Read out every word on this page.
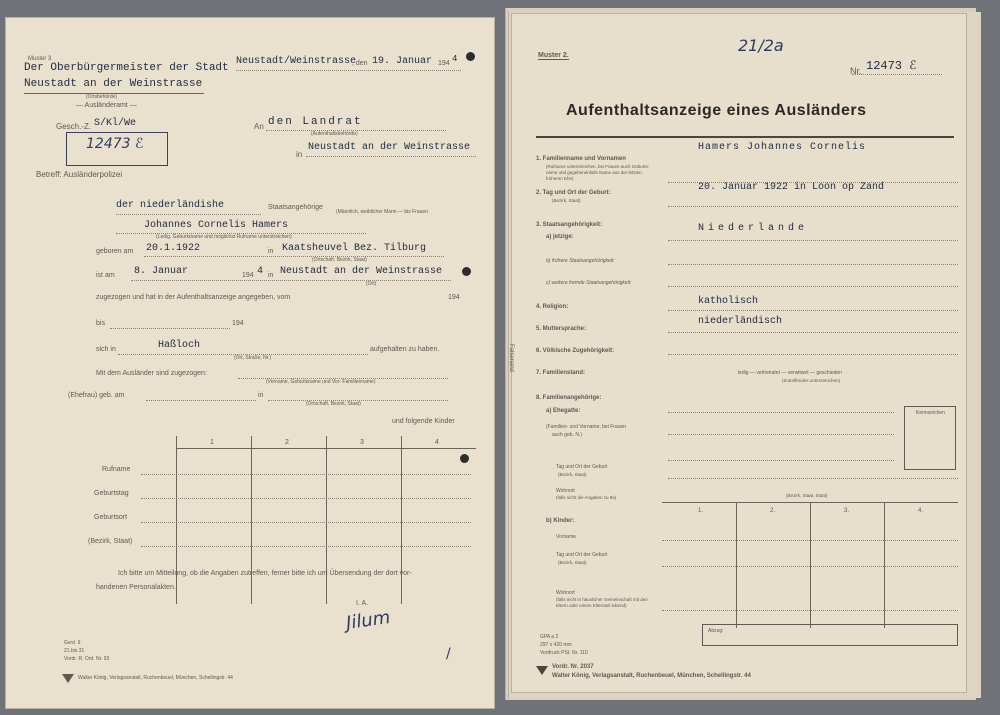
Muster 3
Der Oberbürgermeister der Stadt
Neustadt an der Weinstrasse
(Ortsbehörde)
— Ausländeramt —
Neustadt/Weinstrasse
, den 19. Januar 194 4
Gesch.-Z. S/Kl/We
12473 ℰ
Betreff: Ausländerpolizei
An den Landrat
(Aufenthaltsbehörde)
in
Neustadt an der Weinstrasse
der niederländishe	Staatsangehörige
(Männlich, weiblicher Mann — bis Frauen
Johannes Cornelis Hamers
(Ledig, Geburtsname und möglichst Rufname unterstreichen)
geboren am 20.1.1922	in Kaatsheuvel Bez. Tilburg
(Ortschaft, Bezirk, Staat)
ist am 8. Januar	194 4 in Neustadt an der Weinstrasse
(Ort)
zugezogen und hat in der Aufenthaltsanzeige angegeben, vom	194
bis	194
sich in	Haßloch
(Ort, Straße, Nr.)
aufgehalten zu haben.
Mit dem Ausländer sind zugezogen:
(Vorname, Geburtsname und Vor- Familienname)
(Ehefrau) geb. am	in
(Ortschaft, Bezirk, Staat)
und folgende Kinder
1	2	3	4
Rufname
Geburtstag
Geburtsort
(Bezirk, Staat)
Ich bitte um Mitteilung, ob die Angaben zutreffen, ferner bitte ich um Übersendung der dort vor-
handenen Personalakten.
I. A.
Jilum
/
Gvrd. 9
21.bis 31
Vordr. R. Ord. Nr. 93
Walter König, Verlagsanstalt, Ruchenbeuel, München, Schellingstr. 44
Muster 2.
21/2a
Nr. 12473 ℰ
Aufenthaltsanzeige eines Ausländers
Falsenand
1. Familienname und Vornamen
(Rufname unterstreichen, bei Frauen auch Geburts-
name und gegebenenfalls Name aus der letzten
früheren Ehe)
Hamers Johannes Cornelis
2. Tag und Ort der Geburt:
(Bezirk, Staat)
20. Januar 1922 in Loon op Zand
3. Staatsangehörigkeit:
a) jetzige:
Niederlande
b) frühere Staatsangehörigkeit:
c) weitere fremde Staatsangehörigkeit:
4. Religion:	katholisch
5. Muttersprache:
niederländisch
6. Völkische Zugehörigkeit:
7. Familienstand:	ledig — verheiratet — verwitwet — geschieden
(Zutreffendes unterstreichen)
8. Familienangehörige:
a) Ehegatte:
(Familien- und Vorname, bei Frauen
auch geb. N.)
Kennzeichen
Tag und Ort der Geburt
(Bezirk, Staat)
Wohnort
(falls nicht die Angaben zu 9a)	(Bezirk, Staat, Staat)
b) Kinder:
1.	2.	3.	4.
Vorname
Tag und Ort der Geburt
(Bezirk, Staat)
Wohnort
(falls nicht in häuslicher Gemeinschaft mit den
Eltern oder einem Elternteil lebend)
Abzug:
GPA a 2
297 x 420 mm
Vordruck PSt. Nr. 110
Vordr. Nr. 2037
Walter König, Verlagsanstalt, Ruchenbeuel, München, Schellingstr. 44
